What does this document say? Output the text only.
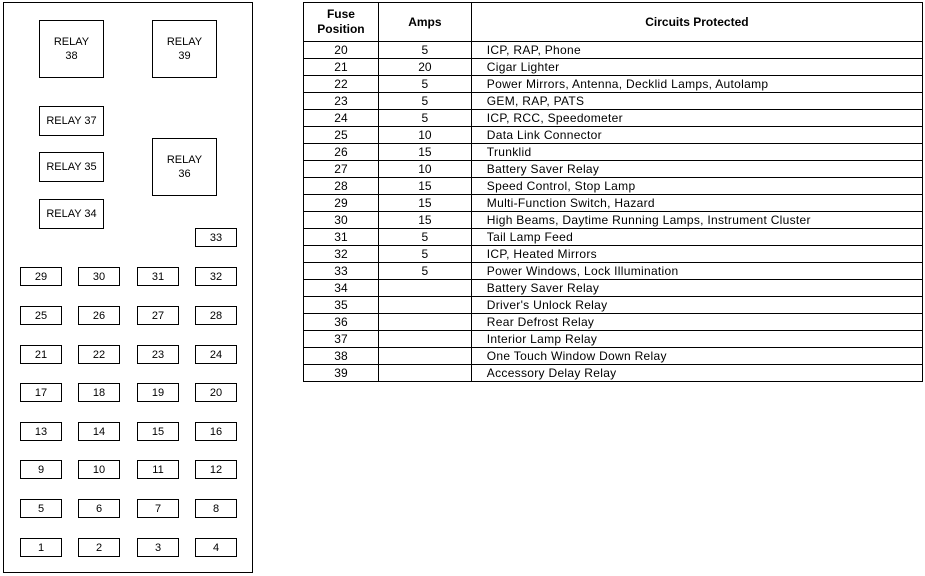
RELAY
38
RELAY
39
RELAY 37
RELAY 35
RELAY
36
RELAY 34
33
29	30	31	32
25	26	27	28
21	22	23	24
17	18	19	20
13	14	15	16
9	10	11	12
5	6	7	8
1	2	3	4
Fuse Position	Amps	Circuits Protected
20	5	ICP, RAP, Phone
21	20	Cigar Lighter
22	5	Power Mirrors, Antenna, Decklid Lamps, Autolamp
23	5	GEM, RAP, PATS
24	5	ICP, RCC, Speedometer
25	10	Data Link Connector
26	15	Trunklid
27	10	Battery Saver Relay
28	15	Speed Control, Stop Lamp
29	15	Multi-Function Switch, Hazard
30	15	High Beams, Daytime Running Lamps, Instrument Cluster
31	5	Tail Lamp Feed
32	5	ICP, Heated Mirrors
33	5	Power Windows, Lock Illumination
34		Battery Saver Relay
35		Driver's Unlock Relay
36		Rear Defrost Relay
37		Interior Lamp Relay
38		One Touch Window Down Relay
39		Accessory Delay Relay
